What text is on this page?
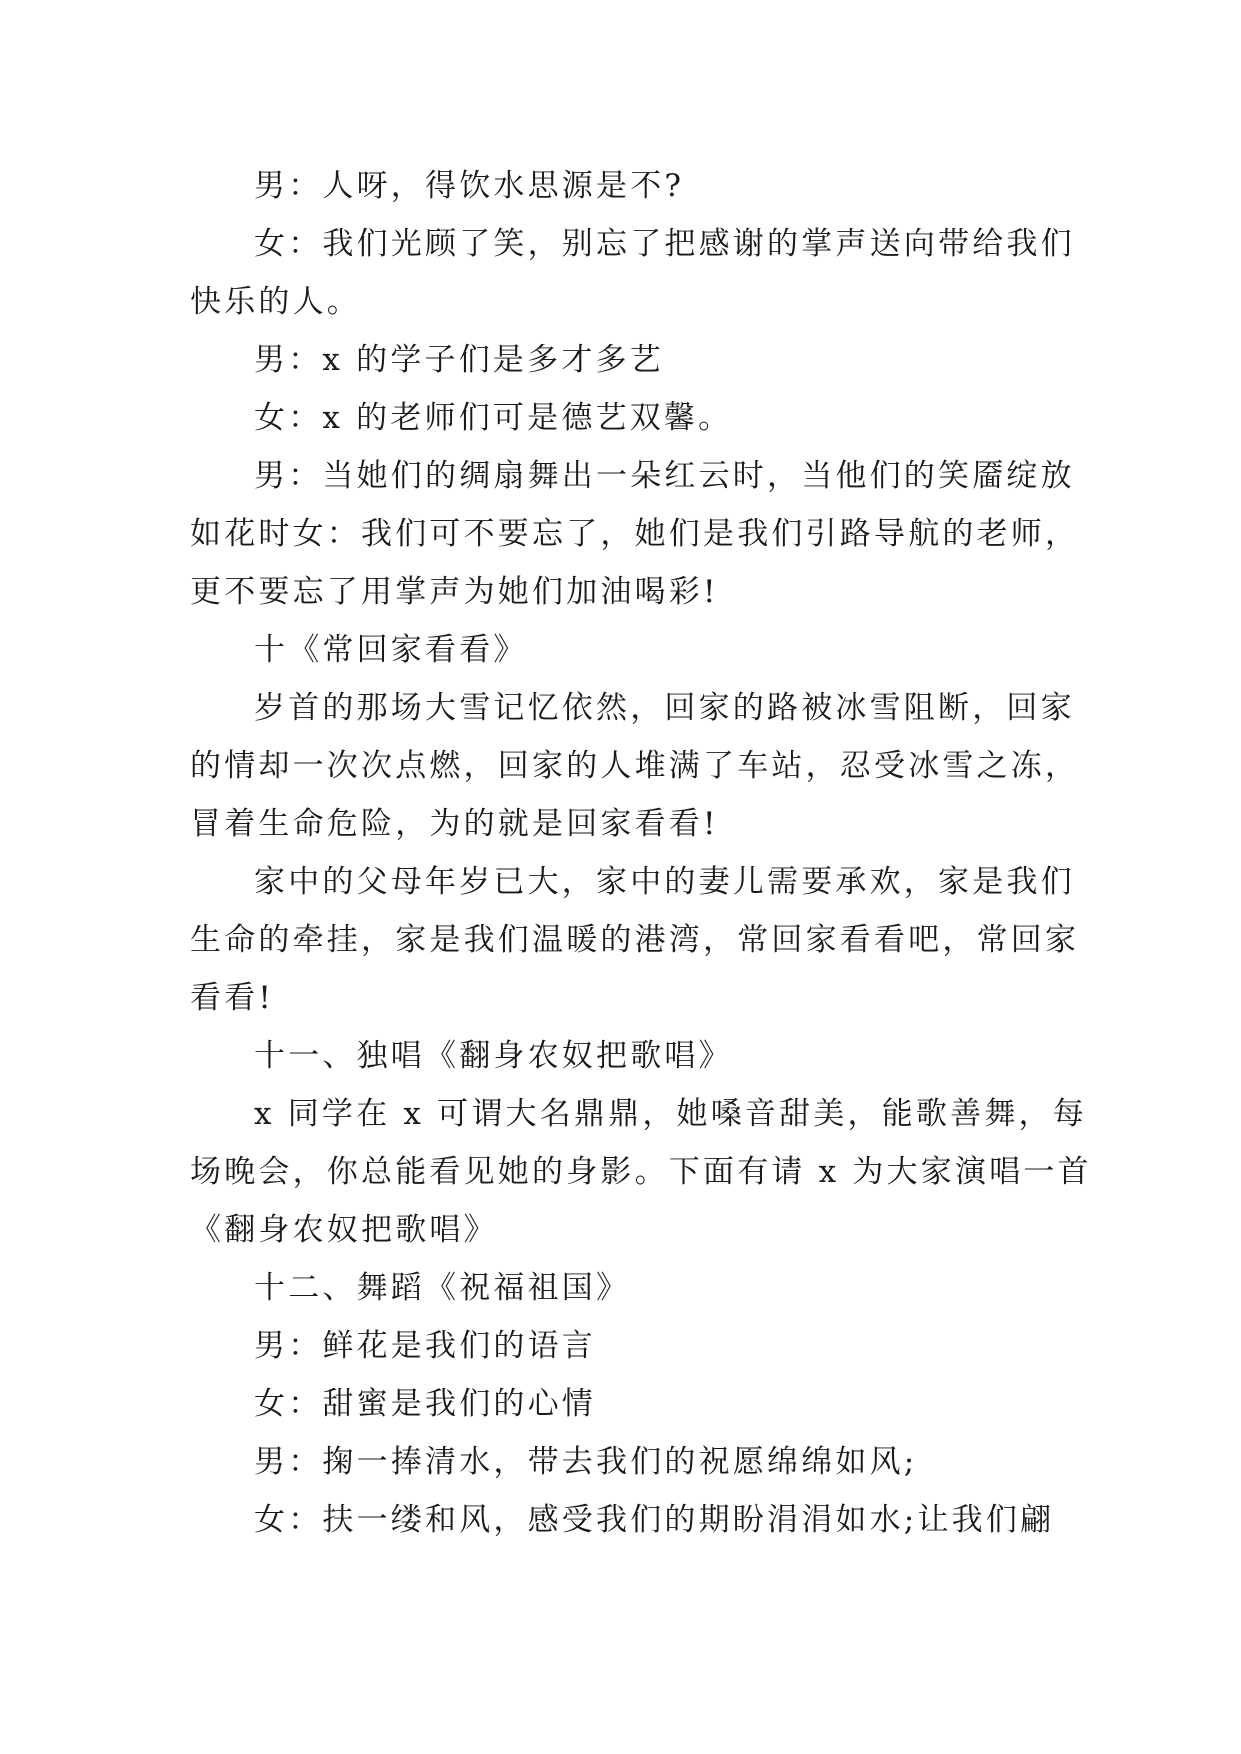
男：人呀，得饮水思源是不?
女：我们光顾了笑，别忘了把感谢的掌声送向带给我们
快乐的人。
男：x 的学子们是多才多艺
女：x 的老师们可是德艺双馨。
男：当她们的绸扇舞出一朵红云时，当他们的笑靥绽放
如花时女：我们可不要忘了，她们是我们引路导航的老师，
更不要忘了用掌声为她们加油喝彩!
十《常回家看看》
岁首的那场大雪记忆依然，回家的路被冰雪阻断，回家
的情却一次次点燃，回家的人堆满了车站，忍受冰雪之冻，
冒着生命危险，为的就是回家看看!
家中的父母年岁已大，家中的妻儿需要承欢，家是我们
生命的牵挂，家是我们温暖的港湾，常回家看看吧，常回家
看看!
十一、独唱《翻身农奴把歌唱》
x 同学在 x 可谓大名鼎鼎，她嗓音甜美，能歌善舞，每
场晚会，你总能看见她的身影。下面有请 x 为大家演唱一首
《翻身农奴把歌唱》
十二、舞蹈《祝福祖国》
男：鲜花是我们的语言
女：甜蜜是我们的心情
男：掬一捧清水，带去我们的祝愿绵绵如风;
女：扶一缕和风，感受我们的期盼涓涓如水;让我们翩
